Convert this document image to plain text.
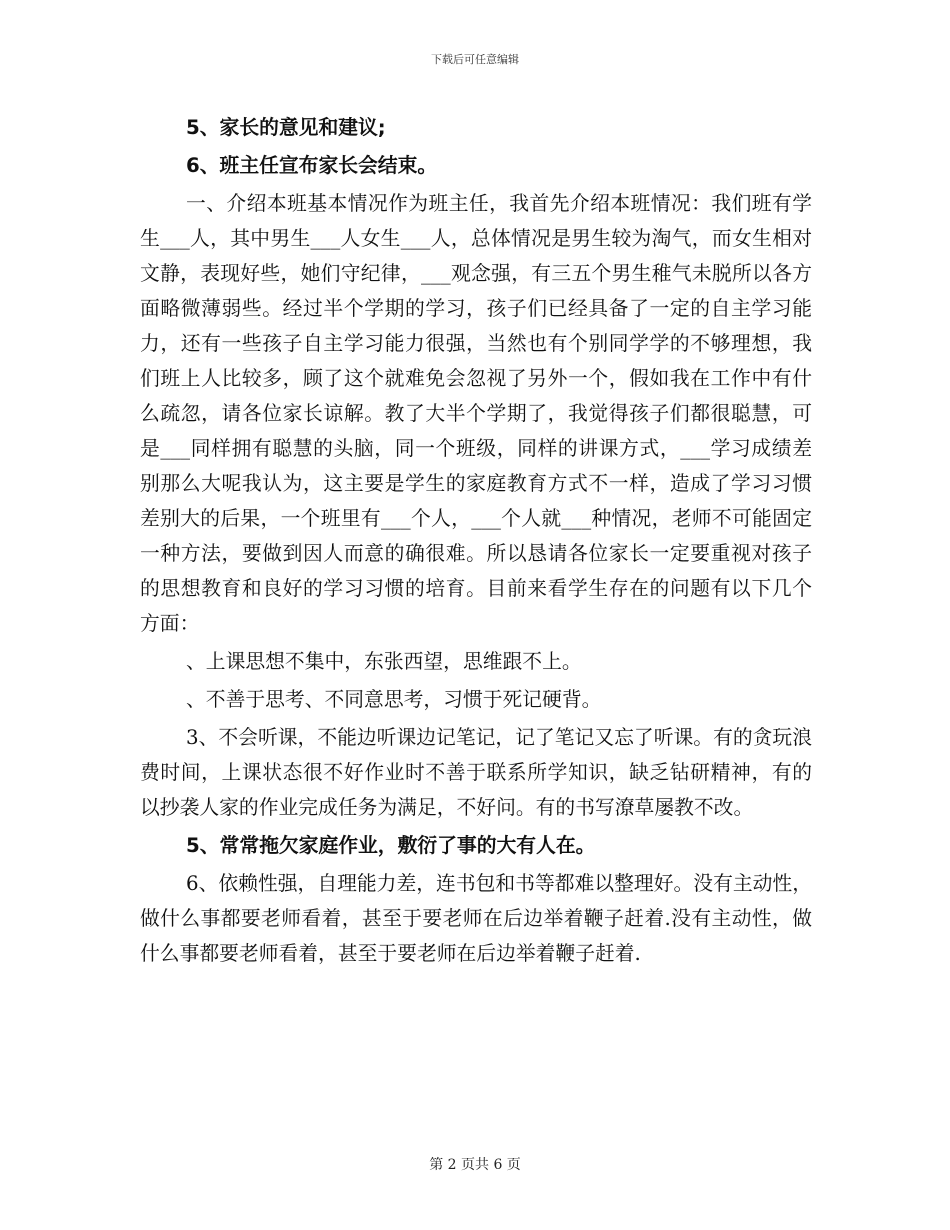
下载后可任意编辑

5、家长的意见和建议;

6、班主任宣布家长会结束。

一、介绍本班基本情况作为班主任，我首先介绍本班情况：我们班有学生___人，其中男生___人女生___人，总体情况是男生较为淘气，而女生相对文静，表现好些，她们守纪律，___观念强，有三五个男生稚气未脱所以各方面略微薄弱些。经过半个学期的学习，孩子们已经具备了一定的自主学习能力，还有一些孩子自主学习能力很强，当然也有个别同学学的不够理想，我们班上人比较多，顾了这个就难免会忽视了另外一个，假如我在工作中有什么疏忽，请各位家长谅解。教了大半个学期了，我觉得孩子们都很聪慧，可是___同样拥有聪慧的头脑，同一个班级，同样的讲课方式，___学习成绩差别那么大呢我认为，这主要是学生的家庭教育方式不一样，造成了学习习惯差别大的后果，一个班里有___个人，___个人就___种情况，老师不可能固定一种方法，要做到因人而意的确很难。所以恳请各位家长一定要重视对孩子的思想教育和良好的学习习惯的培育。目前来看学生存在的问题有以下几个方面：

、上课思想不集中，东张西望，思维跟不上。

、不善于思考、不同意思考，习惯于死记硬背。

3、不会听课，不能边听课边记笔记，记了笔记又忘了听课。有的贪玩浪费时间，上课状态很不好作业时不善于联系所学知识，缺乏钻研精神，有的以抄袭人家的作业完成任务为满足，不好问。有的书写潦草屡教不改。

5、常常拖欠家庭作业，敷衍了事的大有人在。

6、依赖性强，自理能力差，连书包和书等都难以整理好。没有主动性，做什么事都要老师看着，甚至于要老师在后边举着鞭子赶着.没有主动性，做什么事都要老师看着，甚至于要老师在后边举着鞭子赶着.

第 2 页共 6 页
